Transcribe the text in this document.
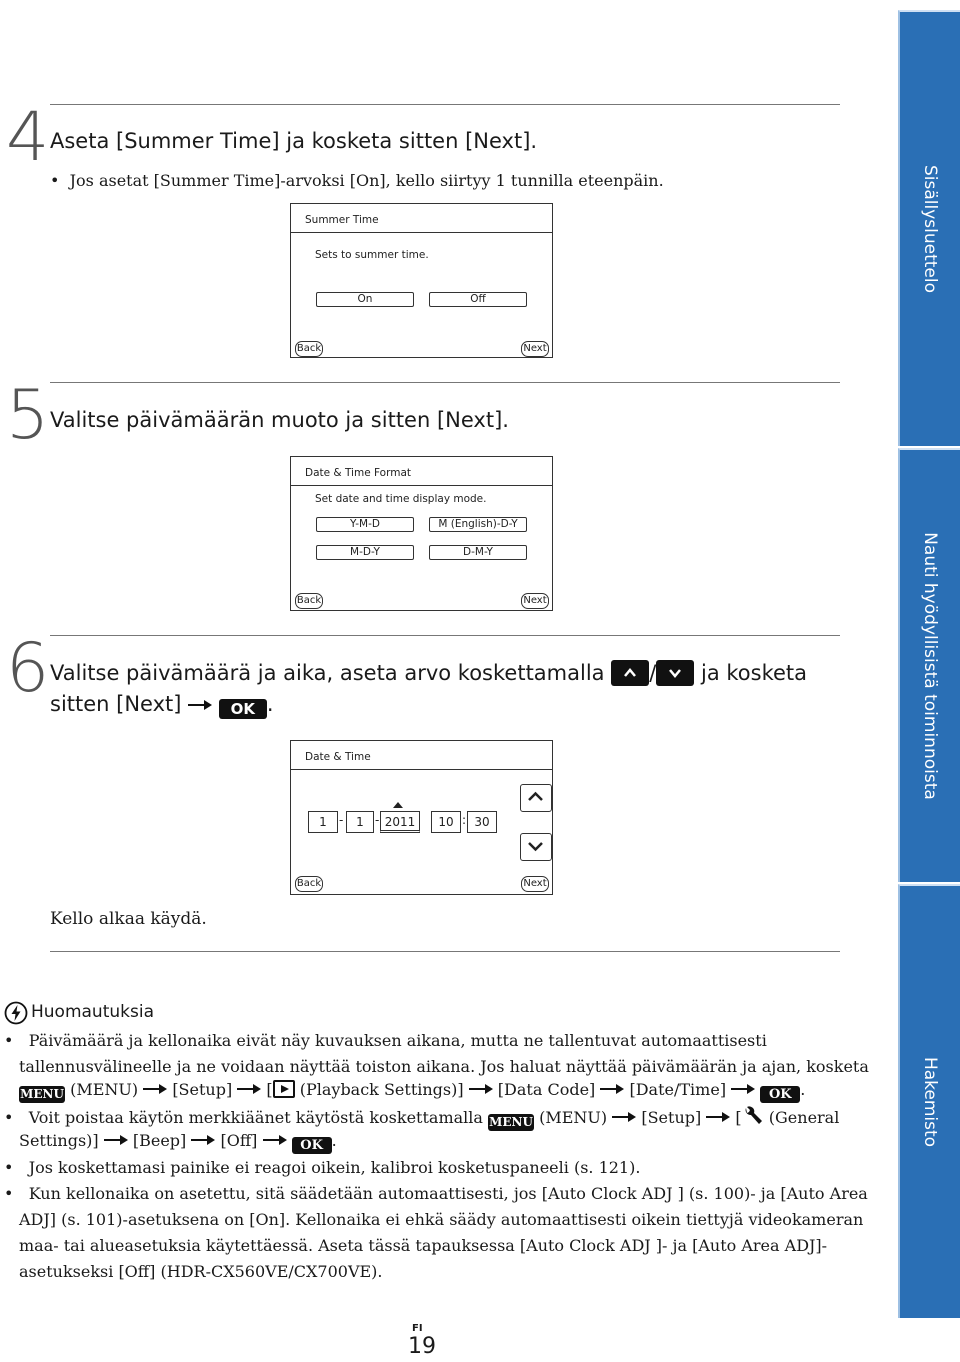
4 Aseta [Summer Time] ja kosketa sitten [Next].
•  Jos asetat [Summer Time]-arvoksi [On], kello siirtyy 1 tunnilla eteenpäin.
Summer Time
Sets to summer time.
On	Off
Back	Next
5 Valitse päivämäärän muoto ja sitten [Next].
Date & Time Format
Set date and time display mode.
Y-M-D	M (English)-D-Y
M-D-Y	D-M-Y
Back	Next
6 Valitse päivämäärä ja aika, aseta arvo koskettamalla / ja kosketa
sitten [Next]	OK .
Date & Time
1	-	1 - 2011	10 : 30
Back	Next
Kello alkaa käydä.
Huomautuksia
•   Päivämäärä ja kellonaika eivät näy kuvauksen aikana, mutta ne tallentuvat automaattisesti
tallennusvälineelle ja ne voidaan näyttää toiston aikana. Jos haluat näyttää päivämäärän ja ajan, kosketa
MENU (MENU) [Setup] [ (Playback Settings)] [Data Code] [Date/Time]	OK .
•   Voit poistaa käytön merkkiäänet käytöstä koskettamalla MENU (MENU) [Setup] [ (General
Settings)] [Beep] [Off]	OK .
•   Jos koskettamasi painike ei reagoi oikein, kalibroi kosketuspaneeli (s. 121).
•   Kun kellonaika on asetettu, sitä säädetään automaattisesti, jos [Auto Clock ADJ ] (s. 100)- ja [Auto Area
ADJ] (s. 101)-asetuksena on [On]. Kellonaika ei ehkä säädy automaattisesti oikein tiettyjä videokameran
maa- tai alueasetuksia käytettäessä. Aseta tässä tapauksessa [Auto Clock ADJ ]- ja [Auto Area ADJ]-
asetukseksi [Off] (HDR-CX560VE/CX700VE).
FI
19
Sisällysluettelo
Nauti hyödyllisistä toiminnoista
Hakemisto
